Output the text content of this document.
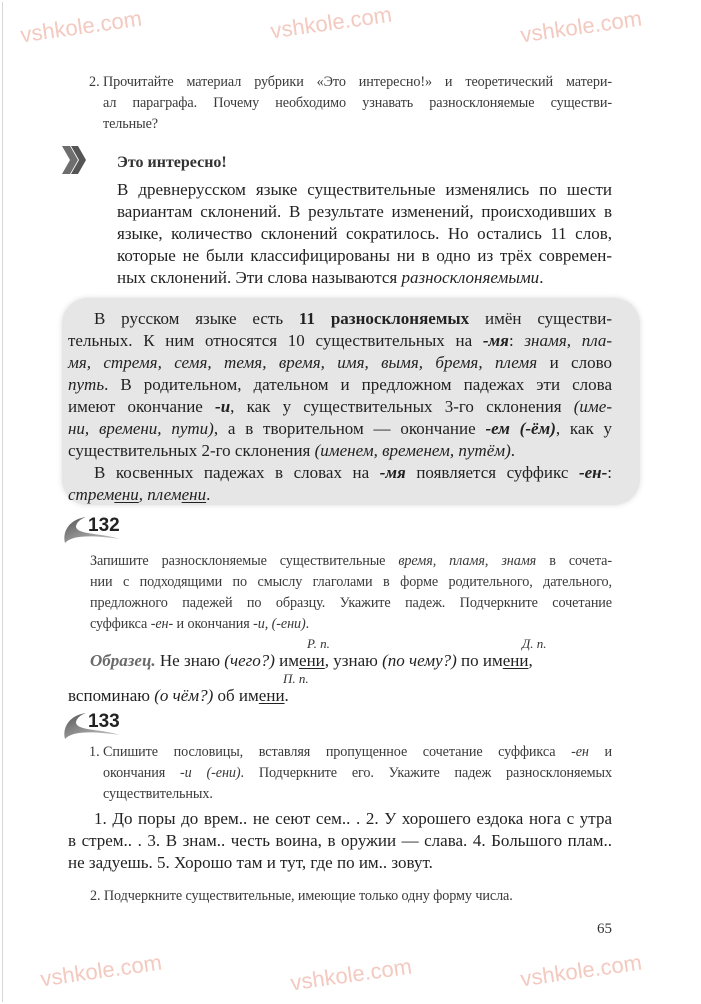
vshkole.com	vshkole.com	vshkole.com
vshkole.com	vshkole.com	vshkole.com
2. Прочитайте материал рубрики «Это интересно!» и теоретический матери-
ал параграфа. Почему необходимо узнавать разносклоняемые существи-
тельные?
Это интересно!
В древнерусском языке существительные изменялись по шести
вариантам склонений. В результате изменений, происходивших в
языке, количество склонений сократилось. Но остались 11 слов,
которые не были классифицированы ни в одно из трёх современ-
ных склонений. Эти слова называются разносклоняемыми.
В русском языке есть 11 разносклоняемых имён существи-
тельных. К ним относятся 10 существительных на -мя: знамя, пла-
мя, стремя, семя, темя, время, имя, вымя, бремя, племя и слово
путь. В родительном, дательном и предложном падежах эти слова
имеют окончание -и, как у существительных 3-го склонения (име-
ни, времени, пути), а в творительном — окончание -ем (-ём), как у
существительных 2-го склонения (именем, временем, путём).
В косвенных падежах в словах на -мя появляется суффикс -ен-:
стремени, племени.
132
Запишите разносклоняемые существительные время, пламя, знамя в сочета-
нии с подходящими по смыслу глаголами в форме родительного, дательного,
предложного падежей по образцу. Укажите падеж. Подчеркните сочетание
суффикса -ен- и окончания -и, (-ени).
Р. п.	Д. п.
Образец. Не знаю (чего?) имени, узнаю (по чему?) по имени,
П. п.
вспоминаю (о чём?) об имени.
133
1. Спишите пословицы, вставляя пропущенное сочетание суффикса -ен и
окончания -и (-ени). Подчеркните его. Укажите падеж разносклоняемых
существительных.
1. До поры до врем.. не сеют сем.. . 2. У хорошего ездока нога с утра
в стрем.. . 3. В знам.. честь воина, в оружии — слава. 4. Большого плам..
не задуешь. 5. Хорошо там и тут, где по им.. зовут.
2. Подчеркните существительные, имеющие только одну форму числа.
65
